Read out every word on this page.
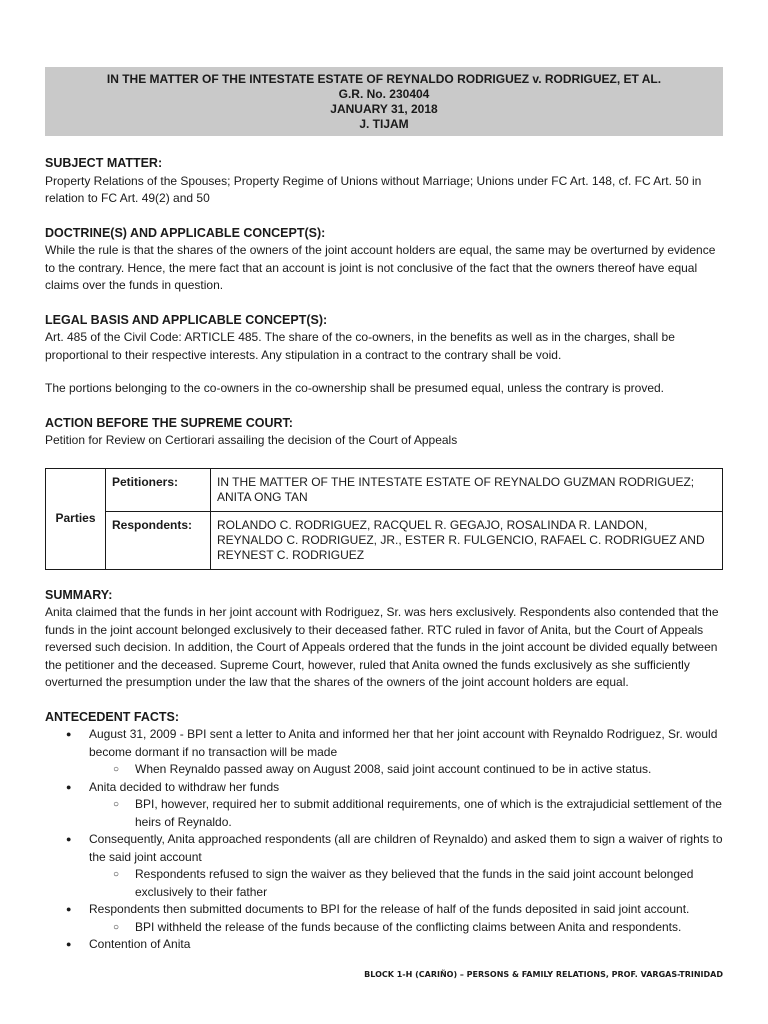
IN THE MATTER OF THE INTESTATE ESTATE OF REYNALDO RODRIGUEZ v. RODRIGUEZ, ET AL.
G.R. No. 230404
JANUARY 31, 2018
J. TIJAM

SUBJECT MATTER:

Property Relations of the Spouses; Property Regime of Unions without Marriage; Unions under FC Art. 148, cf. FC Art. 50 in relation to FC Art. 49(2) and 50

DOCTRINE(S) AND APPLICABLE CONCEPT(S):

While the rule is that the shares of the owners of the joint account holders are equal, the same may be overturned by evidence to the contrary. Hence, the mere fact that an account is joint is not conclusive of the fact that the owners thereof have equal claims over the funds in question.

LEGAL BASIS AND APPLICABLE CONCEPT(S):

Art. 485 of the Civil Code: ARTICLE 485. The share of the co-owners, in the benefits as well as in the charges, shall be proportional to their respective interests. Any stipulation in a contract to the contrary shall be void.

The portions belonging to the co-owners in the co-ownership shall be presumed equal, unless the contrary is proved.

ACTION BEFORE THE SUPREME COURT:

Petition for Review on Certiorari assailing the decision of the Court of Appeals

Parties	Petitioners:	IN THE MATTER OF THE INTESTATE ESTATE OF REYNALDO GUZMAN RODRIGUEZ; ANITA ONG TAN
	Respondents:	ROLANDO C. RODRIGUEZ, RACQUEL R. GEGAJO, ROSALINDA R. LANDON, REYNALDO C. RODRIGUEZ, JR., ESTER R. FULGENCIO, RAFAEL C. RODRIGUEZ AND REYNEST C. RODRIGUEZ

SUMMARY:

Anita claimed that the funds in her joint account with Rodriguez, Sr. was hers exclusively. Respondents also contended that the funds in the joint account belonged exclusively to their deceased father. RTC ruled in favor of Anita, but the Court of Appeals reversed such decision. In addition, the Court of Appeals ordered that the funds in the joint account be divided equally between the petitioner and the deceased. Supreme Court, however, ruled that Anita owned the funds exclusively as she sufficiently overturned the presumption under the law that the shares of the owners of the joint account holders are equal.

ANTECEDENT FACTS:

● August 31, 2009 - BPI sent a letter to Anita and informed her that her joint account with Reynaldo Rodriguez, Sr. would become dormant if no transaction will be made
○ When Reynaldo passed away on August 2008, said joint account continued to be in active status.
● Anita decided to withdraw her funds
○ BPI, however, required her to submit additional requirements, one of which is the extrajudicial settlement of the heirs of Reynaldo.
● Consequently, Anita approached respondents (all are children of Reynaldo) and asked them to sign a waiver of rights to the said joint account
○ Respondents refused to sign the waiver as they believed that the funds in the said joint account belonged exclusively to their father
● Respondents then submitted documents to BPI for the release of half of the funds deposited in said joint account.
○ BPI withheld the release of the funds because of the conflicting claims between Anita and respondents.
● Contention of Anita
BLOCK 1-H (CARIÑO) – PERSONS & FAMILY RELATIONS, PROF. VARGAS-TRINIDAD
